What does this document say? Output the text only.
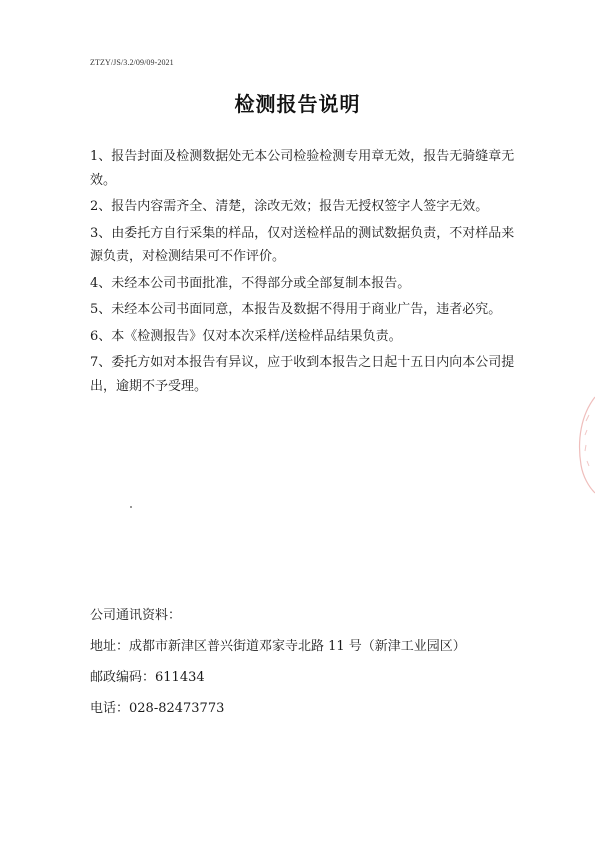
ZTZY/JS/3.2/09/09-2021
检测报告说明

1、报告封面及检测数据处无本公司检验检测专用章无效，报告无骑缝章无效。

2、报告内容需齐全、清楚，涂改无效；报告无授权签字人签字无效。

3、由委托方自行采集的样品，仅对送检样品的测试数据负责，不对样品来源负责，对检测结果可不作评价。

4、未经本公司书面批准，不得部分或全部复制本报告。

5、未经本公司书面同意，本报告及数据不得用于商业广告，违者必究。

6、本《检测报告》仅对本次采样/送检样品结果负责。

7、委托方如对本报告有异议，应于收到本报告之日起十五日内向本公司提出，逾期不予受理。

公司通讯资料：
地址：成都市新津区普兴街道邓家寺北路 11 号（新津工业园区）
邮政编码：611434
电话：028-82473773
